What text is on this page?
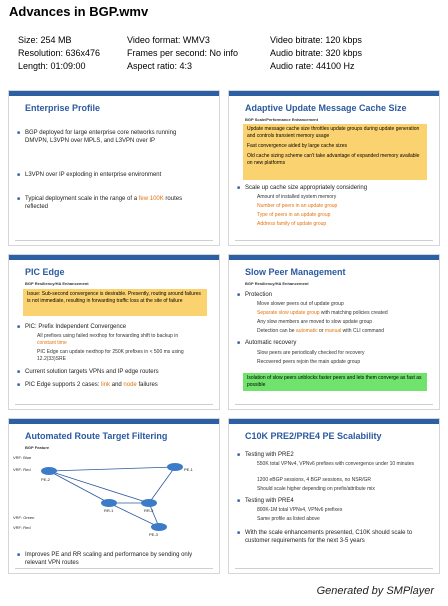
Advances in BGP.wmv
Size: 254 MB
Resolution: 636x476
Length: 01:09:00
Video format: WMV3
Frames per second: No info
Aspect ratio: 4:3
Video bitrate: 120 kbps
Audio bitrate: 320 kbps
Audio rate: 44100 Hz
Enterprise Profile
■ BGP deployed for large enterprise core networks running DMVPN, L3VPN over MPLS, and L3VPN over IP
■ L3VPN over IP exploding in enterprise environment
■ Typical deployment scale in the range of a few 100K routes reflected
Adaptive Update Message Cache Size
BGP Scale/Performance Enhancement
Update message cache size throttles update groups during update generation and controls transient memory usage
Fast convergence aided by large cache sizes
Old cache sizing scheme can't take advantage of expanded memory available on new platforms
■ Scale up cache size appropriately considering
Amount of installed system memory
Number of peers in an update group
Type of peers in an update group
Address family of update group
PIC Edge
BGP Resiliency/HA Enhancement
Issue: Sub-second convergence is desirable. Presently, routing around failures is not immediate, resulting in forwarding traffic loss at the site of failure
■ PIC: Prefix Independent Convergence
All prefixes using failed nexthop for forwarding shift to backup in constant time
PIC Edge can update nexthop for 250K prefixes in < 500 ms using 12.2(33)SRE
■ Current solution targets VPNs and IP edge routers
■ PIC Edge supports 2 cases: link and node failures
Slow Peer Management
BGP Resiliency/HA Enhancement
■ Protection
Move slower peers out of update group
Separate slow update group with matching policies created
Any slow members are moved to slow update group
Detection can be automatic or manual with CLI command
■ Automatic recovery
Slow peers are periodically checked for recovery
Recovered peers rejoin the main update group
Isolation of slow peers unblocks faster peers and lets them converge as fast as possible
Automated Route Target Filtering
BGP Feature
PE-2
PE-1
RR-1	RR-2
PE-3
VRF: Blue
VRF: Red
VRF: Green
VRF: Red
■ Improves PE and RR scaling and performance by sending only relevant VPN routes
C10K PRE2/PRE4 PE Scalability
■ Testing with PRE2
550K total VPNv4, VPNv6 prefixes with convergence under 10 minutes
1200 eBGP sessions, 4 BGP sessions, no NSR/GR
Should scale higher depending on prefix/attribute mix
■ Testing with PRE4
800K-1M total VPNv4, VPNv6 prefixes
Same profile as listed above
■ With the scale enhancements presented, C10K should scale to customer requirements for the next 3-5 years
Generated by SMPlayer
